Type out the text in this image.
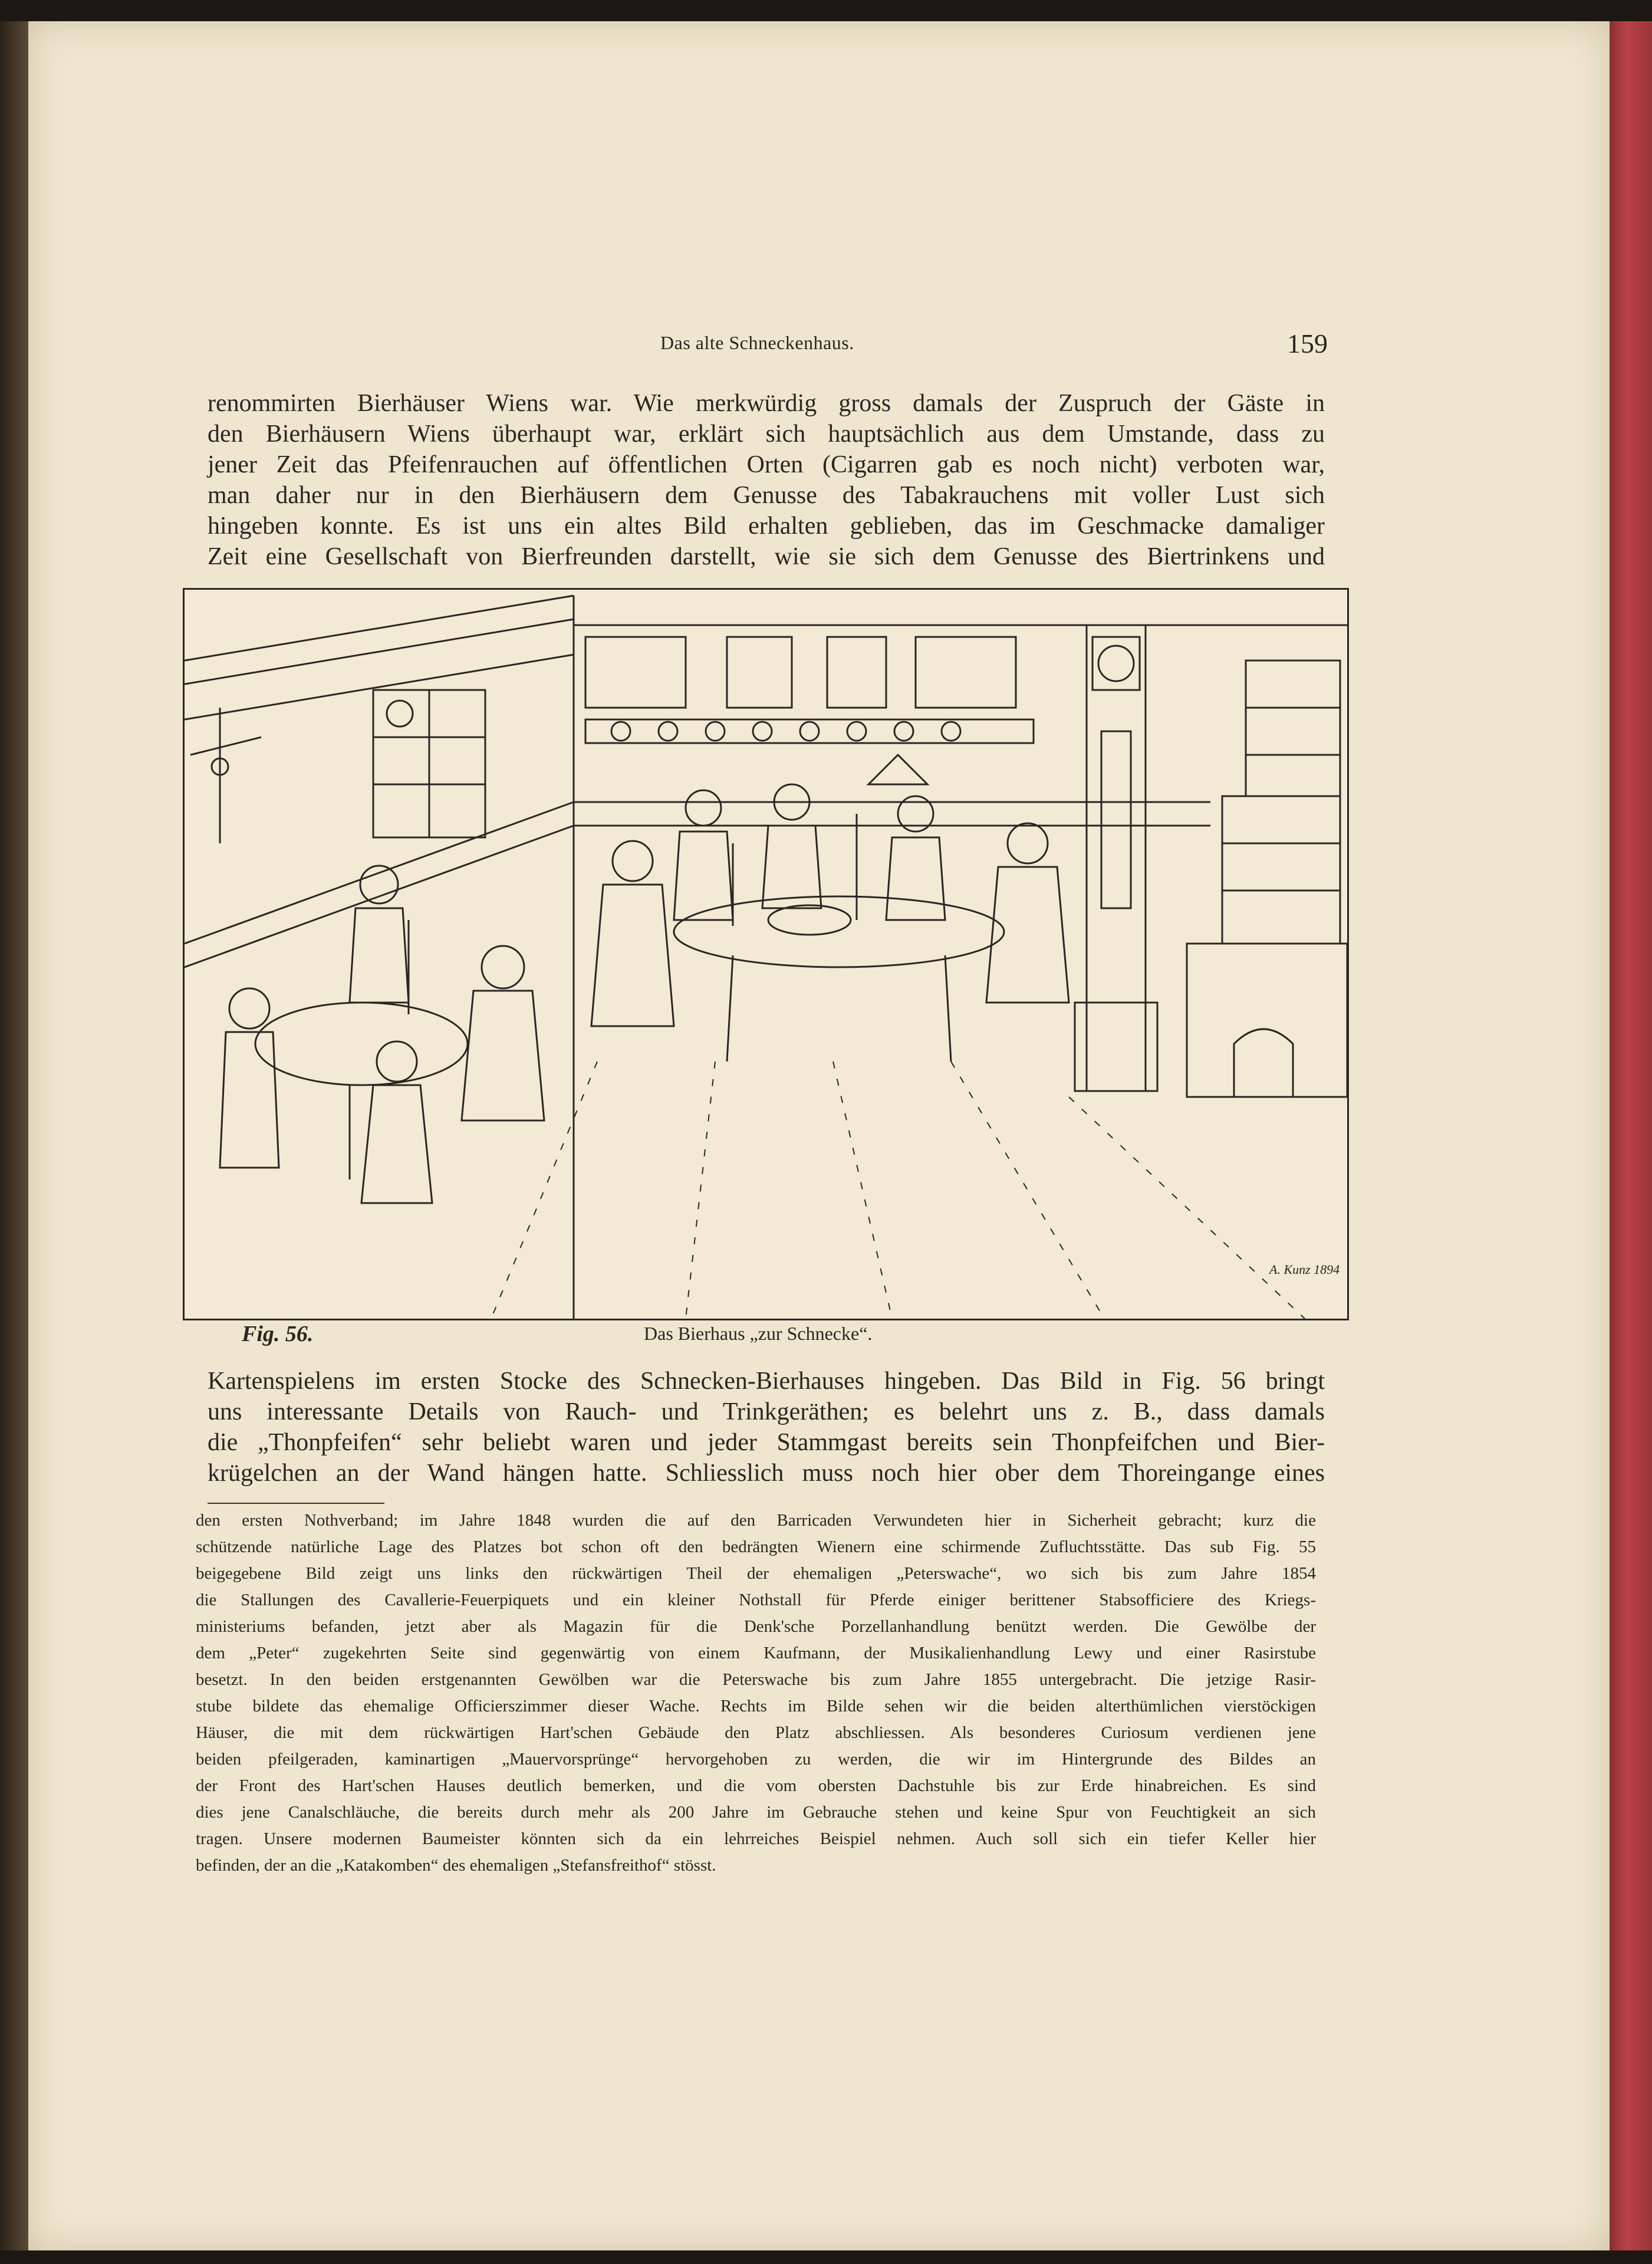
Das alte Schneckenhaus.	159
renommirten Bierhäuser Wiens war. Wie merkwürdig gross damals der Zuspruch der Gäste in
den Bierhäusern Wiens überhaupt war, erklärt sich hauptsächlich aus dem Umstande, dass zu
jener Zeit das Pfeifenrauchen auf öffentlichen Orten (Cigarren gab es noch nicht) verboten war,
man daher nur in den Bierhäusern dem Genusse des Tabakrauchens mit voller Lust sich
hingeben konnte. Es ist uns ein altes Bild erhalten geblieben, das im Geschmacke damaliger
Zeit eine Gesellschaft von Bierfreunden darstellt, wie sie sich dem Genusse des Biertrinkens und
A. Kunz 1894
Fig. 56.	Das Bierhaus „zur Schnecke“.
Kartenspielens im ersten Stocke des Schnecken-Bierhauses hingeben. Das Bild in Fig. 56 bringt
uns interessante Details von Rauch- und Trinkgeräthen; es belehrt uns z. B., dass damals
die „Thonpfeifen“ sehr beliebt waren und jeder Stammgast bereits sein Thonpfeifchen und Bier-
krügelchen an der Wand hängen hatte. Schliesslich muss noch hier ober dem Thoreingange eines
den ersten Nothverband; im Jahre 1848 wurden die auf den Barricaden Verwundeten hier in Sicherheit gebracht; kurz die
schützende natürliche Lage des Platzes bot schon oft den bedrängten Wienern eine schirmende Zufluchtsstätte. Das sub Fig. 55
beigegebene Bild zeigt uns links den rückwärtigen Theil der ehemaligen „Peterswache“, wo sich bis zum Jahre 1854
die Stallungen des Cavallerie-Feuerpiquets und ein kleiner Nothstall für Pferde einiger berittener Stabsofficiere des Kriegs-
ministeriums befanden, jetzt aber als Magazin für die Denk'sche Porzellanhandlung benützt werden. Die Gewölbe der
dem „Peter“ zugekehrten Seite sind gegenwärtig von einem Kaufmann, der Musikalienhandlung Lewy und einer Rasirstube
besetzt. In den beiden erstgenannten Gewölben war die Peterswache bis zum Jahre 1855 untergebracht. Die jetzige Rasir-
stube bildete das ehemalige Officierszimmer dieser Wache. Rechts im Bilde sehen wir die beiden alterthümlichen vierstöckigen
Häuser, die mit dem rückwärtigen Hart'schen Gebäude den Platz abschliessen. Als besonderes Curiosum verdienen jene
beiden pfeilgeraden, kaminartigen „Mauervorsprünge“ hervorgehoben zu werden, die wir im Hintergrunde des Bildes an
der Front des Hart'schen Hauses deutlich bemerken, und die vom obersten Dachstuhle bis zur Erde hinabreichen. Es sind
dies jene Canalschläuche, die bereits durch mehr als 200 Jahre im Gebrauche stehen und keine Spur von Feuchtigkeit an sich
tragen. Unsere modernen Baumeister könnten sich da ein lehrreiches Beispiel nehmen. Auch soll sich ein tiefer Keller hier
befinden, der an die „Katakomben“ des ehemaligen „Stefansfreithof“ stösst.
